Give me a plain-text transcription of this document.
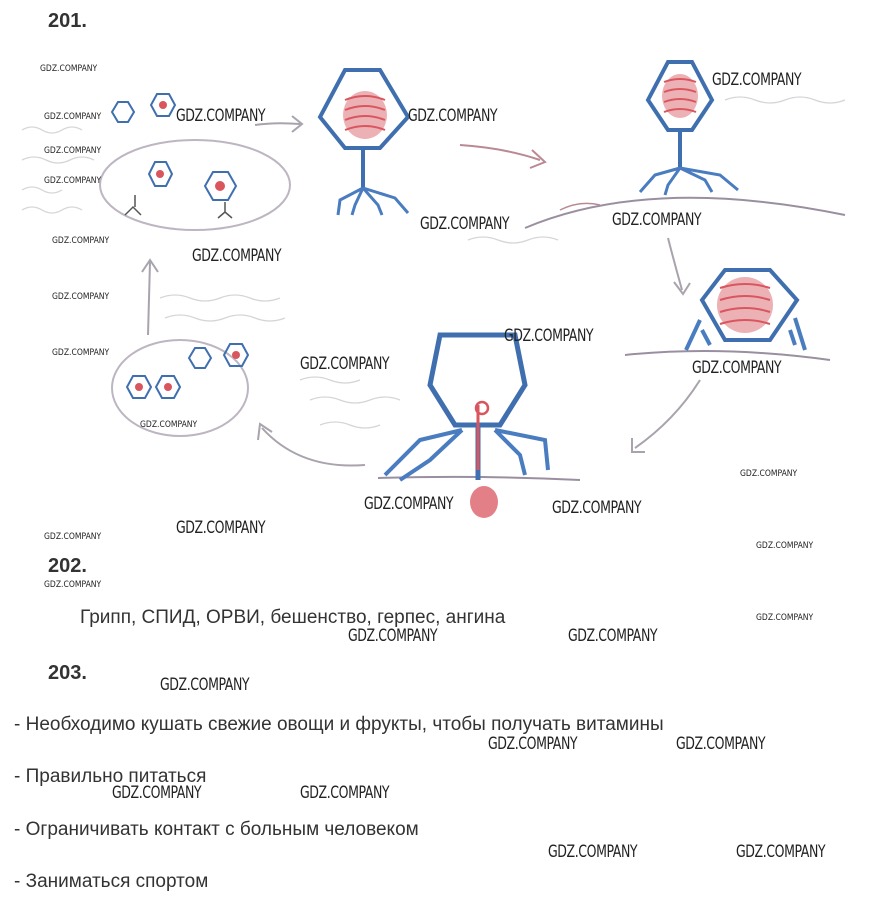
201.
202.
Грипп, СПИД, ОРВИ, бешенство, герпес, ангина
203.
- Необходимо кушать свежие овощи и фрукты, чтобы получать витамины
- Правильно питаться
- Ограничивать контакт с больным человеком
- Заниматься спортом
GDZ.COMPANY	GDZ.COMPANY
GDZ.COMPANY
GDZ.COMPANY	GDZ.COMPANY
GDZ.COMPANY
GDZ.COMPANY
GDZ.COMPANY	GDZ.COMPANY
GDZ.COMPANY	GDZ.COMPANY
GDZ.COMPANY
GDZ.COMPANY	GDZ.COMPANY
GDZ.COMPANY
GDZ.COMPANY	GDZ.COMPANY
GDZ.COMPANY	GDZ.COMPANY
GDZ.COMPANY	GDZ.COMPANY
GDZ.COMPANY
GDZ.COMPANY
GDZ.COMPANY
GDZ.COMPANY
GDZ.COMPANY
GDZ.COMPANY
GDZ.COMPANY
GDZ.COMPANY
GDZ.COMPANY
GDZ.COMPANY
GDZ.COMPANY
GDZ.COMPANY
GDZ.COMPANY
